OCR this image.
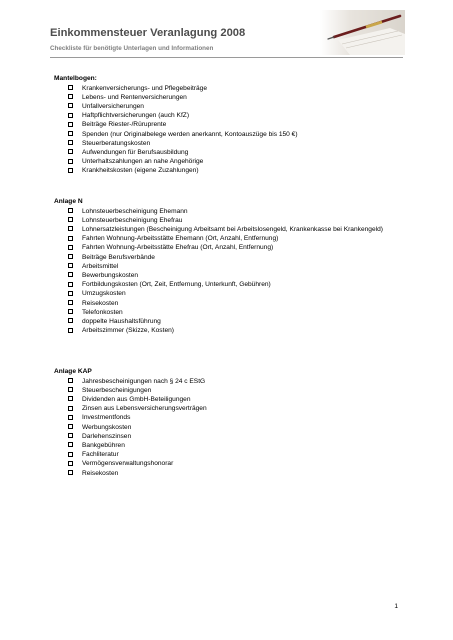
Einkommensteuer Veranlagung 2008
Checkliste für benötigte Unterlagen und Informationen
Mantelbogen:
Krankenversicherungs- und Pflegebeiträge
Lebens- und Rentenversicherungen
Unfallversicherungen
Haftpflichtversicherungen (auch KfZ)
Beiträge Riester-/Rüruprente
Spenden (nur Originalbelege werden anerkannt, Kontoauszüge bis 150 €)
Steuerberatungskosten
Aufwendungen für Berufsausbildung
Unterhaltszahlungen an nahe Angehörige
Krankheitskosten (eigene Zuzahlungen)
Anlage N
Lohnsteuerbescheinigung Ehemann
Lohnsteuerbescheinigung Ehefrau
Lohnersatzleistungen (Bescheinigung Arbeitsamt bei Arbeitslosengeld, Krankenkasse bei Krankengeld)
Fahrten Wohnung-Arbeitsstätte Ehemann (Ort, Anzahl, Entfernung)
Fahrten Wohnung-Arbeitsstätte Ehefrau (Ort, Anzahl, Entfernung)
Beiträge Berufsverbände
Arbeitsmittel
Bewerbungskosten
Fortbildungskosten (Ort, Zeit, Entfernung, Unterkunft, Gebühren)
Umzugskosten
Reisekosten
Telefonkosten
doppelte Haushaltsführung
Arbeitszimmer (Skizze, Kosten)
Anlage KAP
Jahresbescheinigungen nach § 24 c EStG
Steuerbescheinigungen
Dividenden aus GmbH-Beteiligungen
Zinsen aus Lebensversicherungsverträgen
Investmentfonds
Werbungskosten
Darlehenszinsen
Bankgebühren
Fachliteratur
Vermögensverwaltungshonorar
Reisekosten
1
